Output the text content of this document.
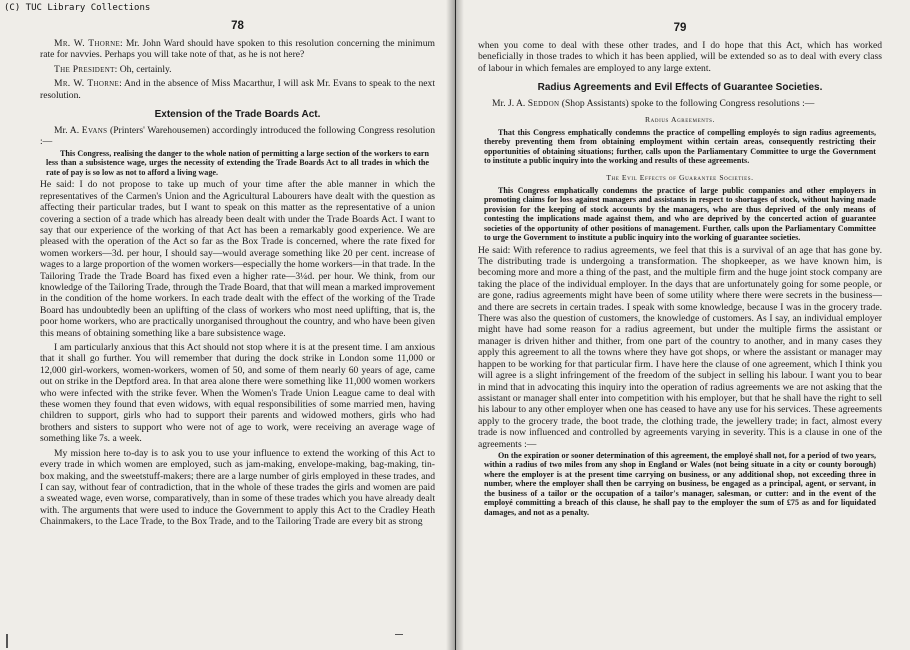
(C) TUC Library Collections
78

Mr. W. Thorne: Mr. John Ward should have spoken to this resolution concerning the minimum rate for navvies. Perhaps you will take note of that, as he is not here?

The President: Oh, certainly.

Mr. W. Thorne: And in the absence of Miss Macarthur, I will ask Mr. Evans to speak to the next resolution.

Extension of the Trade Boards Act.

Mr. A. Evans (Printers' Warehousemen) accordingly introduced the following Congress resolution :—

This Congress, realising the danger to the whole nation of permitting a large section of the workers to earn less than a subsistence wage, urges the necessity of extending the Trade Boards Act to all trades in which the rate of pay is so low as not to afford a living wage.

He said: I do not propose to take up much of your time after the able manner in which the representatives of the Carmen's Union and the Agricultural Labourers have dealt with the question as affecting their particular trades, but I want to speak on this matter as the representative of a union covering a section of a trade which has already been dealt with under the Trade Boards Act. I want to say that our experience of the working of that Act has been a remarkably good experience. We are pleased with the operation of the Act so far as the Box Trade is concerned, where the rate fixed for women workers—3d. per hour, I should say—would average something like 20 per cent. increase of wages to a large proportion of the women workers—especially the home workers—in that trade. In the Tailoring Trade the Trade Board has fixed even a higher rate—3¼d. per hour. We think, from our knowledge of the Tailoring Trade, through the Trade Board, that that will mean a marked improvement in the condition of the home workers. In each trade dealt with the effect of the working of the Trade Board has undoubtedly been an uplifting of the class of workers who most need uplifting, that is, the poor home workers, who are practically unorganised throughout the country, and who have been given this means of obtaining something like a bare subsistence wage.

I am particularly anxious that this Act should not stop where it is at the present time. I am anxious that it shall go further. You will remember that during the dock strike in London some 11,000 or 12,000 girl-workers, women-workers, women of 50, and some of them nearly 60 years of age, came out on strike in the Deptford area. In that area alone there were something like 11,000 women workers who were infected with the strike fever. When the Women's Trade Union League came to deal with these women they found that even widows, with equal responsibilities of some married men, having children to support, girls who had to support their parents and widowed mothers, girls who had brothers and sisters to support who were not of age to work, were receiving an average wage of something like 7s. a week.

My mission here to-day is to ask you to use your influence to extend the working of this Act to every trade in which women are employed, such as jam-making, envelope-making, bag-making, tin-box making, and the sweetstuff-makers; there are a large number of girls employed in these trades, and I can say, without fear of contradiction, that in the whole of these trades the girls and women are paid a sweated wage, even worse, comparatively, than in some of these trades which you have already dealt with. The arguments that were used to induce the Government to apply this Act to the Cradley Heath Chainmakers, to the Lace Trade, to the Box Trade, and to the Tailoring Trade are every bit as strong

79

when you come to deal with these other trades, and I do hope that this Act, which has worked beneficially in those trades to which it has been applied, will be extended so as to deal with every class of labour in which females are employed to any large extent.

Radius Agreements and Evil Effects of Guarantee Societies.

Mr. J. A. Seddon (Shop Assistants) spoke to the following Congress resolutions :—

Radius Agreements.

That this Congress emphatically condemns the practice of compelling employés to sign radius agreements, thereby preventing them from obtaining employment within certain areas, consequently restricting their opportunities of obtaining situations; further, calls upon the Parliamentary Committee to urge the Government to institute a public inquiry into the working and results of these agreements.

The Evil Effects of Guarantee Societies.

This Congress emphatically condemns the practice of large public companies and other employers in promoting claims for loss against managers and assistants in respect to shortages of stock, without having made provision for the keeping of stock accounts by the managers, who are thus deprived of the only means of contesting the implications made against them, and who are deprived by the concerted action of guarantee societies of the opportunity of other positions of management. Further, calls upon the Parliamentary Committee to urge the Government to institute a public inquiry into the working of guarantee societies.

He said: With reference to radius agreements, we feel that this is a survival of an age that has gone by. The distributing trade is undergoing a transformation. The shopkeeper, as we have known him, is becoming more and more a thing of the past, and the multiple firm and the huge joint stock company are taking the place of the individual employer. In the days that are unfortunately going for some people, or are gone, radius agreements might have been of some utility where there were secrets in the business—and there are secrets in certain trades. I speak with some knowledge, because I was in the grocery trade. There was also the question of customers, the knowledge of customers. As I say, an individual employer might have had some reason for a radius agreement, but under the multiple firms the assistant or manager is driven hither and thither, from one part of the country to another, and in many cases they apply this agreement to all the towns where they have got shops, or where the assistant or manager may happen to be working for that particular firm. I have here the clause of one agreement, which I think you will agree is a slight infringement of the freedom of the subject in selling his labour. I want you to bear in mind that in advocating this inquiry into the operation of radius agreements we are not asking that the assistant or manager shall enter into competition with his employer, but that he shall have the right to sell his labour to any other employer when one has ceased to have any use for his services. These agreements apply to the grocery trade, the boot trade, the clothing trade, the jewellery trade; in fact, almost every trade is now influenced and controlled by agreements varying in severity. This is a clause in one of the agreements :—

On the expiration or sooner determination of this agreement, the employé shall not, for a period of two years, within a radius of two miles from any shop in England or Wales (not being situate in a city or county borough) where the employer is at the present time carrying on business, or any additional shop, not exceeding three in number, where the employer shall then be carrying on business, be engaged as a principal, agent, or servant, in the business of a tailor or the occupation of a tailor's manager, salesman, or cutter: and in the event of the employé committing a breach of this clause, he shall pay to the employer the sum of £75 as and for liquidated damages, and not as a penalty.
